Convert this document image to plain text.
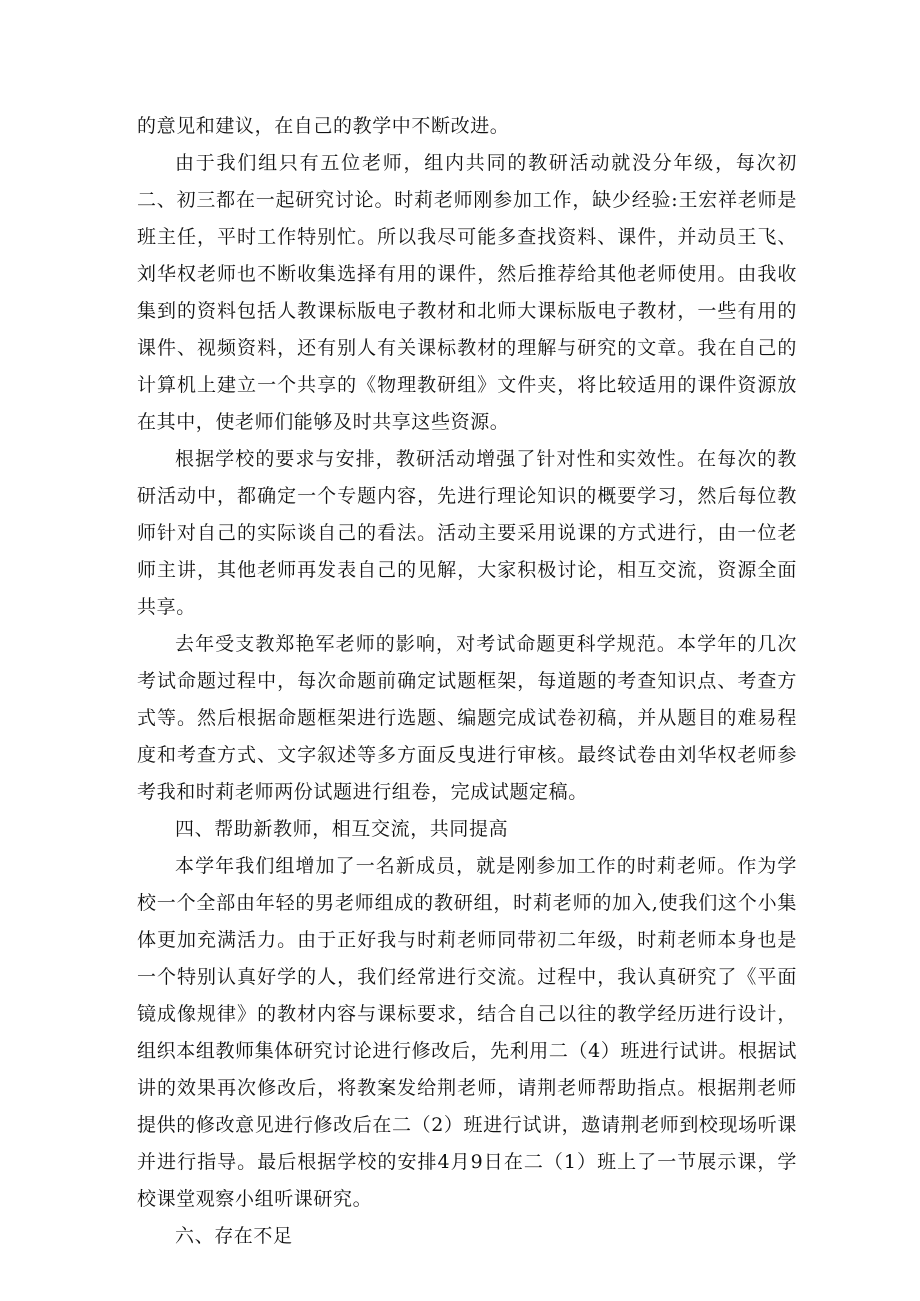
的意见和建议，在自己的教学中不断改进。

由于我们组只有五位老师，组内共同的教研活动就没分年级，每次初二、初三都在一起研究讨论。时莉老师刚参加工作，缺少经验:王宏祥老师是班主任，平时工作特别忙。所以我尽可能多查找资料、课件，并动员王飞、刘华权老师也不断收集选择有用的课件，然后推荐给其他老师使用。由我收集到的资料包括人教课标版电子教材和北师大课标版电子教材，一些有用的课件、视频资料，还有别人有关课标教材的理解与研究的文章。我在自己的计算机上建立一个共享的《物理教研组》文件夹，将比较适用的课件资源放在其中，使老师们能够及时共享这些资源。

根据学校的要求与安排，教研活动增强了针对性和实效性。在每次的教研活动中，都确定一个专题内容，先进行理论知识的概要学习，然后每位教师针对自己的实际谈自己的看法。活动主要采用说课的方式进行，由一位老师主讲，其他老师再发表自己的见解，大家积极讨论，相互交流，资源全面共享。

去年受支教郑艳军老师的影响，对考试命题更科学规范。本学年的几次考试命题过程中，每次命题前确定试题框架，每道题的考查知识点、考查方式等。然后根据命题框架进行选题、编题完成试卷初稿，并从题目的难易程度和考查方式、文字叙述等多方面反曳进行审核。最终试卷由刘华权老师参考我和时莉老师两份试题进行组卷，完成试题定稿。

四、帮助新教师，相互交流，共同提高

本学年我们组增加了一名新成员，就是刚参加工作的时莉老师。作为学校一个全部由年轻的男老师组成的教研组，时莉老师的加入,使我们这个小集体更加充满活力。由于正好我与时莉老师同带初二年级，时莉老师本身也是一个特别认真好学的人，我们经常进行交流。过程中，我认真研究了《平面镜成像规律》的教材内容与课标要求，结合自己以往的教学经历进行设计，组织本组教师集体研究讨论进行修改后，先利用二（4）班进行试讲。根据试讲的效果再次修改后，将教案发给荆老师，请荆老师帮助指点。根据荆老师提供的修改意见进行修改后在二（2）班进行试讲，遨请荆老师到校现场听课并进行指导。最后根据学校的安排4月9日在二（1）班上了一节展示课，学校课堂观察小组听课研究。

六、存在不足
